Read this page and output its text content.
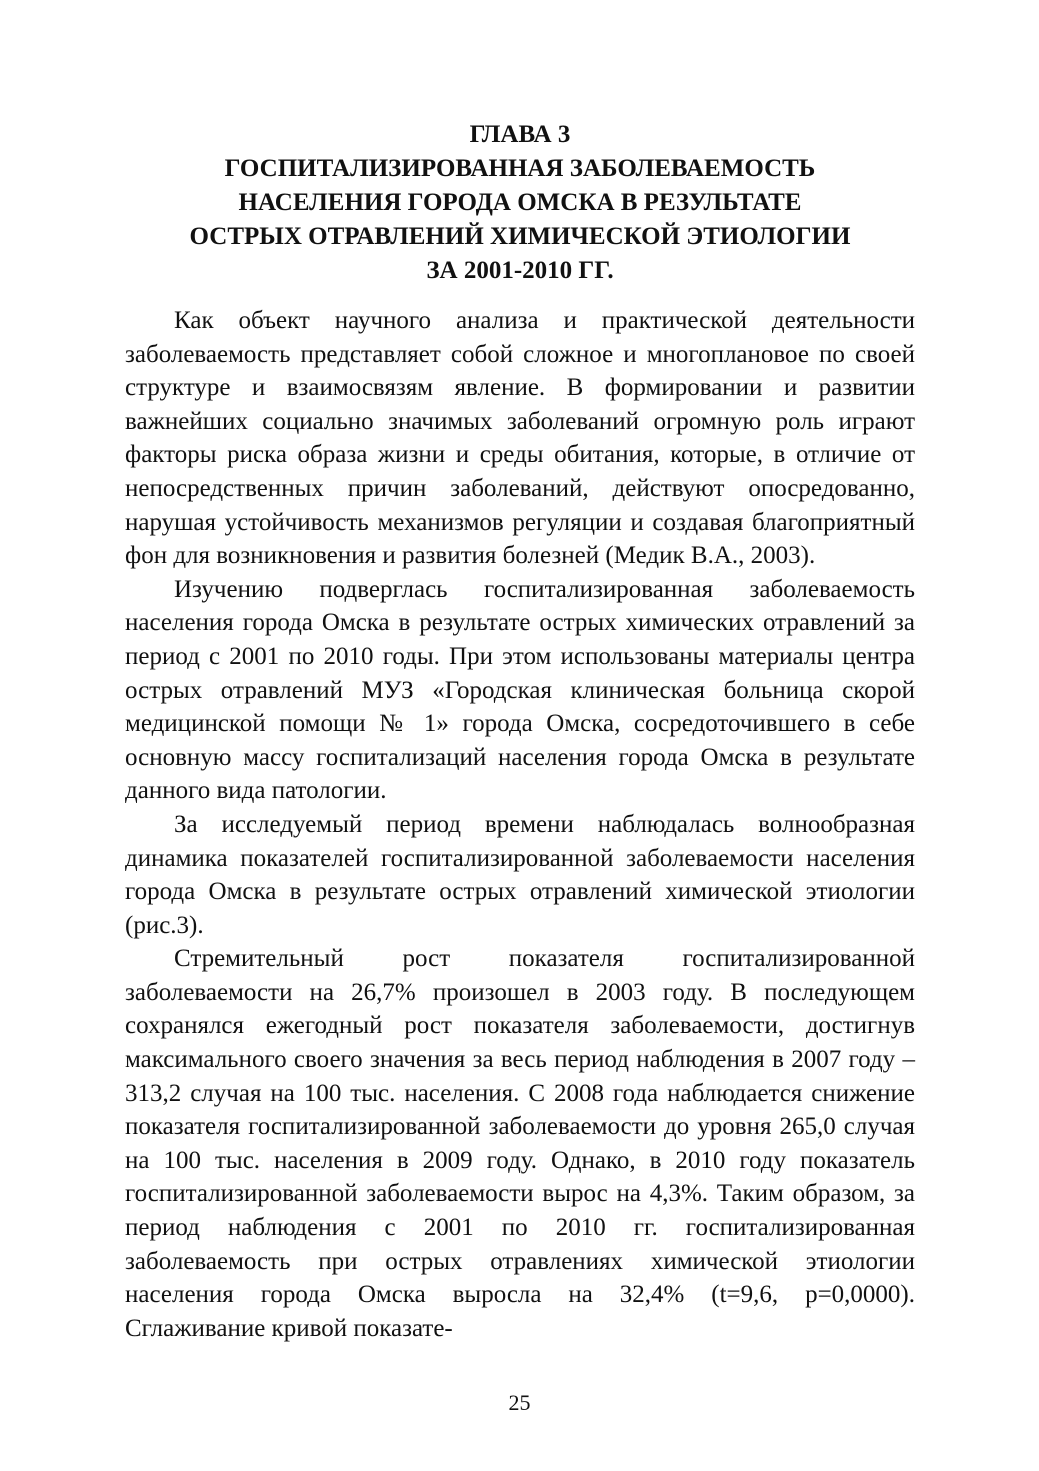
ГЛАВА 3
ГОСПИТАЛИЗИРОВАННАЯ ЗАБОЛЕВАЕМОСТЬ
НАСЕЛЕНИЯ ГОРОДА ОМСКА В РЕЗУЛЬТАТЕ
ОСТРЫХ ОТРАВЛЕНИЙ ХИМИЧЕСКОЙ ЭТИОЛОГИИ
ЗА 2001-2010 ГГ.

Как объект научного анализа и практической деятельности заболеваемость представляет собой сложное и многоплановое по своей структуре и взаимосвязям явление. В формировании и развитии важнейших социально значимых заболеваний огромную роль играют факторы риска образа жизни и среды обитания, которые, в отличие от непосредственных причин заболеваний, действуют опосредованно, нарушая устойчивость механизмов регуляции и создавая благоприятный фон для возникновения и развития болезней (Медик В.А., 2003).

Изучению подверглась госпитализированная заболеваемость населения города Омска в результате острых химических отравлений за период с 2001 по 2010 годы. При этом использованы материалы центра острых отравлений МУЗ «Городская клиническая больница скорой медицинской помощи № 1» города Омска, сосредоточившего в себе основную массу госпитализаций населения города Омска в результате данного вида патологии.

За исследуемый период времени наблюдалась волнообразная динамика показателей госпитализированной заболеваемости населения города Омска в результате острых отравлений химической этиологии (рис.3).

Стремительный рост показателя госпитализированной заболеваемости на 26,7% произошел в 2003 году. В последующем сохранялся ежегодный рост показателя заболеваемости, достигнув максимального своего значения за весь период наблюдения в 2007 году – 313,2 случая на 100 тыс. населения. С 2008 года наблюдается снижение показателя госпитализированной заболеваемости до уровня 265,0 случая на 100 тыс. населения в 2009 году. Однако, в 2010 году показатель госпитализированной заболеваемости вырос на 4,3%. Таким образом, за период наблюдения с 2001 по 2010 гг. госпитализированная заболеваемость при острых отравлениях химической этиологии населения города Омска выросла на 32,4% (t=9,6, p=0,0000). Сглаживание кривой показате-

25
